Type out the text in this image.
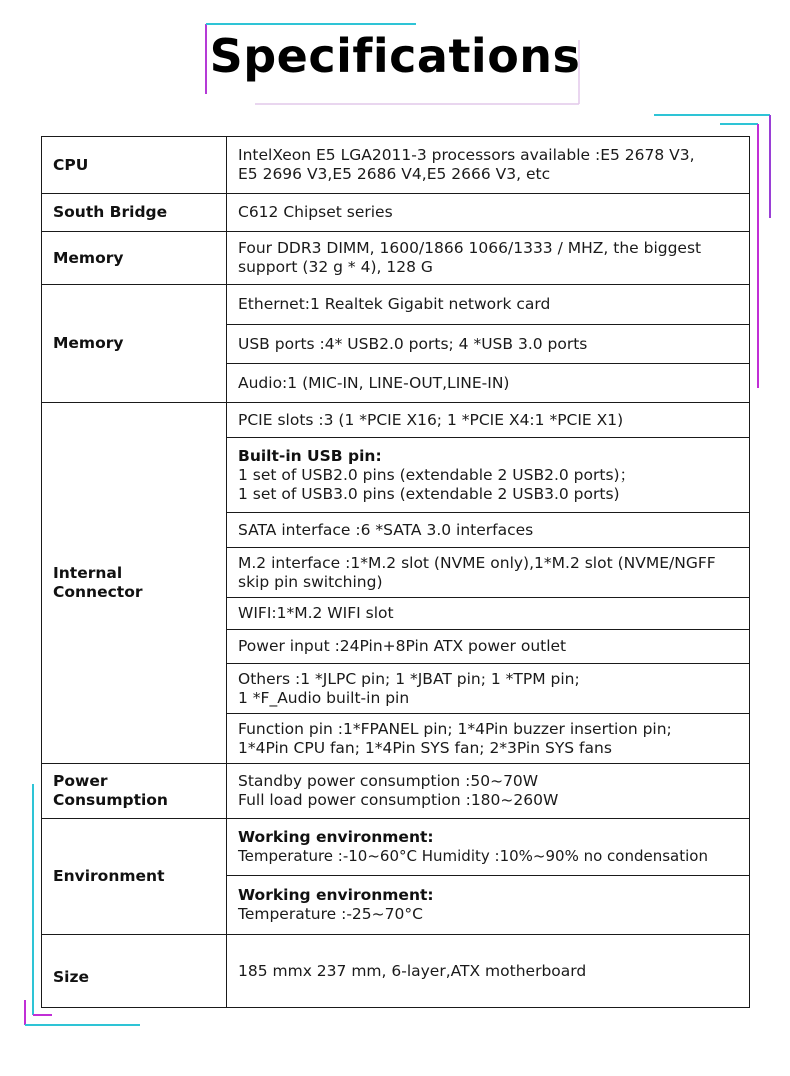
Specifications
CPU	IntelXeon E5 LGA2011-3 processors available :E5 2678 V3,
E5 2696 V3,E5 2686 V4,E5 2666 V3, etc

South Bridge	C612 Chipset series

Memory	Four DDR3 DIMM, 1600/1866 1066/1333 / MHZ, the biggest
support (32 g * 4), 128 G

Memory	Ethernet:1 Realtek Gigabit network card

	USB ports :4* USB2.0 ports; 4 *USB 3.0 ports

	Audio:1 (MIC-IN, LINE-OUT,LINE-IN)

Internal Connector	PCIE slots :3 (1 *PCIE X16; 1 *PCIE X4:1 *PCIE X1)

	Built-in USB pin:
1 set of USB2.0 pins (extendable 2 USB2.0 ports)；
1 set of USB3.0 pins (extendable 2 USB3.0 ports)

	SATA interface :6 *SATA 3.0 interfaces

	M.2 interface :1*M.2 slot (NVME only),1*M.2 slot (NVME/NGFF
skip pin switching)

	WIFI:1*M.2 WIFI slot

	Power input :24Pin+8Pin ATX power outlet

	Others :1 *JLPC pin; 1 *JBAT pin; 1 *TPM pin;
1 *F_Audio built-in pin

	Function pin :1*FPANEL pin; 1*4Pin buzzer insertion pin;
1*4Pin CPU fan; 1*4Pin SYS fan; 2*3Pin SYS fans

Power Consumption	Standby power consumption :50~70W
Full load power consumption :180~260W

Environment	Working environment:
Temperature :-10~60°C Humidity :10%~90% no condensation

	Working environment:
Temperature :-25~70°C

Size	185 mmx 237 mm, 6-layer,ATX motherboard
